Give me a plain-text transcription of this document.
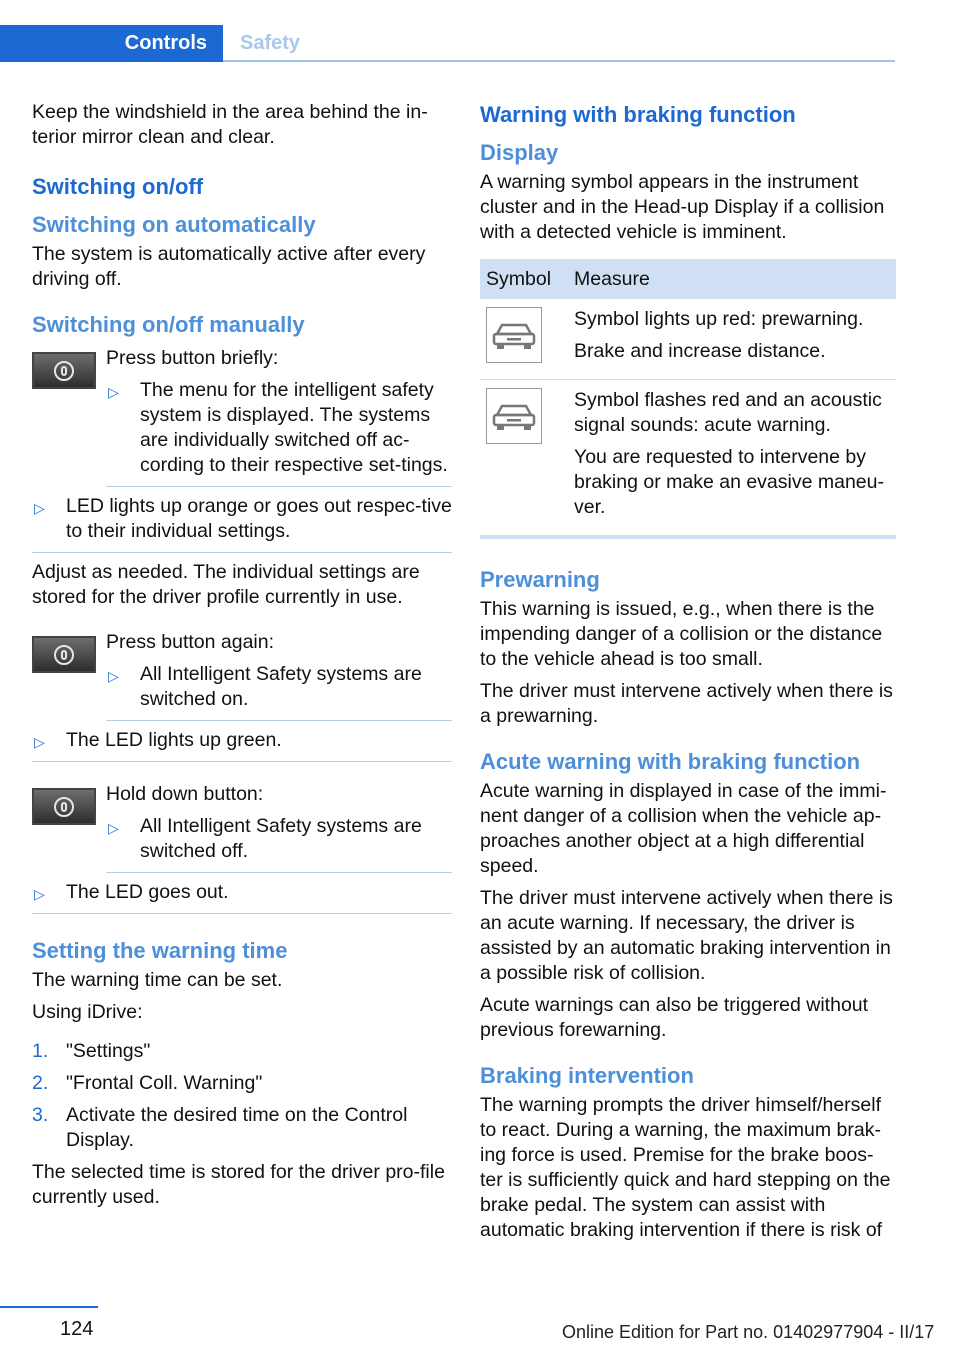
Controls	Safety
Keep the windshield in the area behind the in-terior mirror clean and clear.
Switching on/off
Switching on automatically
The system is automatically active after every driving off.
Switching on/off manually
Press button briefly:
▷ The menu for the intelligent safety system is displayed. The systems are individually switched off ac-cording to their respective set-tings.
▷ LED lights up orange or goes out respec-tive to their individual settings.
Adjust as needed. The individual settings are stored for the driver profile currently in use.
Press button again:
▷ All Intelligent Safety systems are switched on.
▷ The LED lights up green.
Hold down button:
▷ All Intelligent Safety systems are switched off.
▷ The LED goes out.
Setting the warning time
The warning time can be set.
Using iDrive:
1. "Settings"
2. "Frontal Coll. Warning"
3. Activate the desired time on the Control Display.
The selected time is stored for the driver pro-file currently used.
Warning with braking function
Display
A warning symbol appears in the instrument cluster and in the Head-up Display if a collision with a detected vehicle is imminent.
Symbol	Measure

Symbol lights up red: prewarning.
Brake and increase distance.

Symbol flashes red and an acoustic signal sounds: acute warning.
You are requested to intervene by braking or make an evasive maneu-ver.
Prewarning
This warning is issued, e.g., when there is the impending danger of a collision or the distance to the vehicle ahead is too small.
The driver must intervene actively when there is a prewarning.
Acute warning with braking function
Acute warning in displayed in case of the immi-nent danger of a collision when the vehicle ap-proaches another object at a high differential speed.
The driver must intervene actively when there is an acute warning. If necessary, the driver is assisted by an automatic braking intervention in a possible risk of collision.
Acute warnings can also be triggered without previous forewarning.
Braking intervention
The warning prompts the driver himself/herself to react. During a warning, the maximum brak-ing force is used. Premise for the brake boos-ter is sufficiently quick and hard stepping on the brake pedal. The system can assist with automatic braking intervention if there is risk of
124	Online Edition for Part no. 01402977904 - II/17
